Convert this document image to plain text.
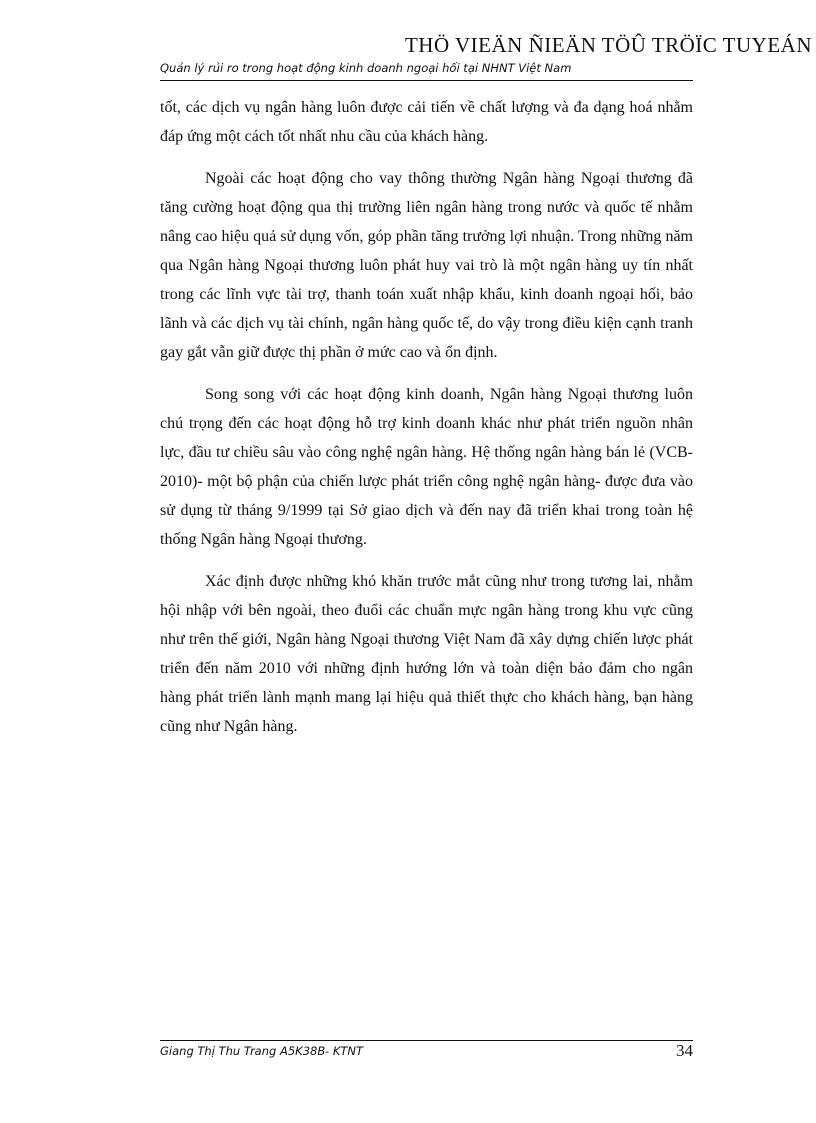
THÖ VIEÄN ÑIEÄN TÖÛ TRÖÏC TUYEÁN
Quản lý rủi ro trong hoạt động kinh doanh ngoại hối tại NHNT Việt Nam

tốt, các dịch vụ ngân hàng luôn được cải tiến về chất lượng và đa dạng hoá nhằm đáp ứng một cách tốt nhất nhu cầu của khách hàng.

Ngoài các hoạt động cho vay thông thường Ngân hàng Ngoại thương đã tăng cường hoạt động qua thị trường liên ngân hàng trong nước và quốc tế nhằm nâng cao hiệu quả sử dụng vốn, góp phần tăng trưởng lợi nhuận. Trong những năm qua Ngân hàng Ngoại thương luôn phát huy vai trò là một ngân hàng uy tín nhất trong các lĩnh vực tài trợ, thanh toán xuất nhập khẩu, kinh doanh ngoại hối, bảo lãnh và các dịch vụ tài chính, ngân hàng quốc tế, do vậy trong điều kiện cạnh tranh gay gắt vẫn giữ được thị phần ở mức cao và ổn định.

Song song với các hoạt động kinh doanh, Ngân hàng Ngoại thương luôn chú trọng đến các hoạt động hỗ trợ kinh doanh khác như phát triển nguồn nhân lực, đầu tư chiều sâu vào công nghệ ngân hàng. Hệ thống ngân hàng bán lẻ (VCB-2010)- một bộ phận của chiến lược phát triển công nghệ ngân hàng- được đưa vào sử dụng từ tháng 9/1999 tại Sở giao dịch và đến nay đã triển khai trong toàn hệ thống Ngân hàng Ngoại thương.

Xác định được những khó khăn trước mắt cũng như trong tương lai, nhằm hội nhập với bên ngoài, theo đuổi các chuẩn mực ngân hàng trong khu vực cũng như trên thế giới, Ngân hàng Ngoại thương Việt Nam đã xây dựng chiến lược phát triển đến năm 2010 với những định hướng lớn và toàn diện bảo đảm cho ngân hàng phát triển lành mạnh mang lại hiệu quả thiết thực cho khách hàng, bạn hàng cũng như Ngân hàng.

Giang Thị Thu Trang A5K38B- KTNT	34
